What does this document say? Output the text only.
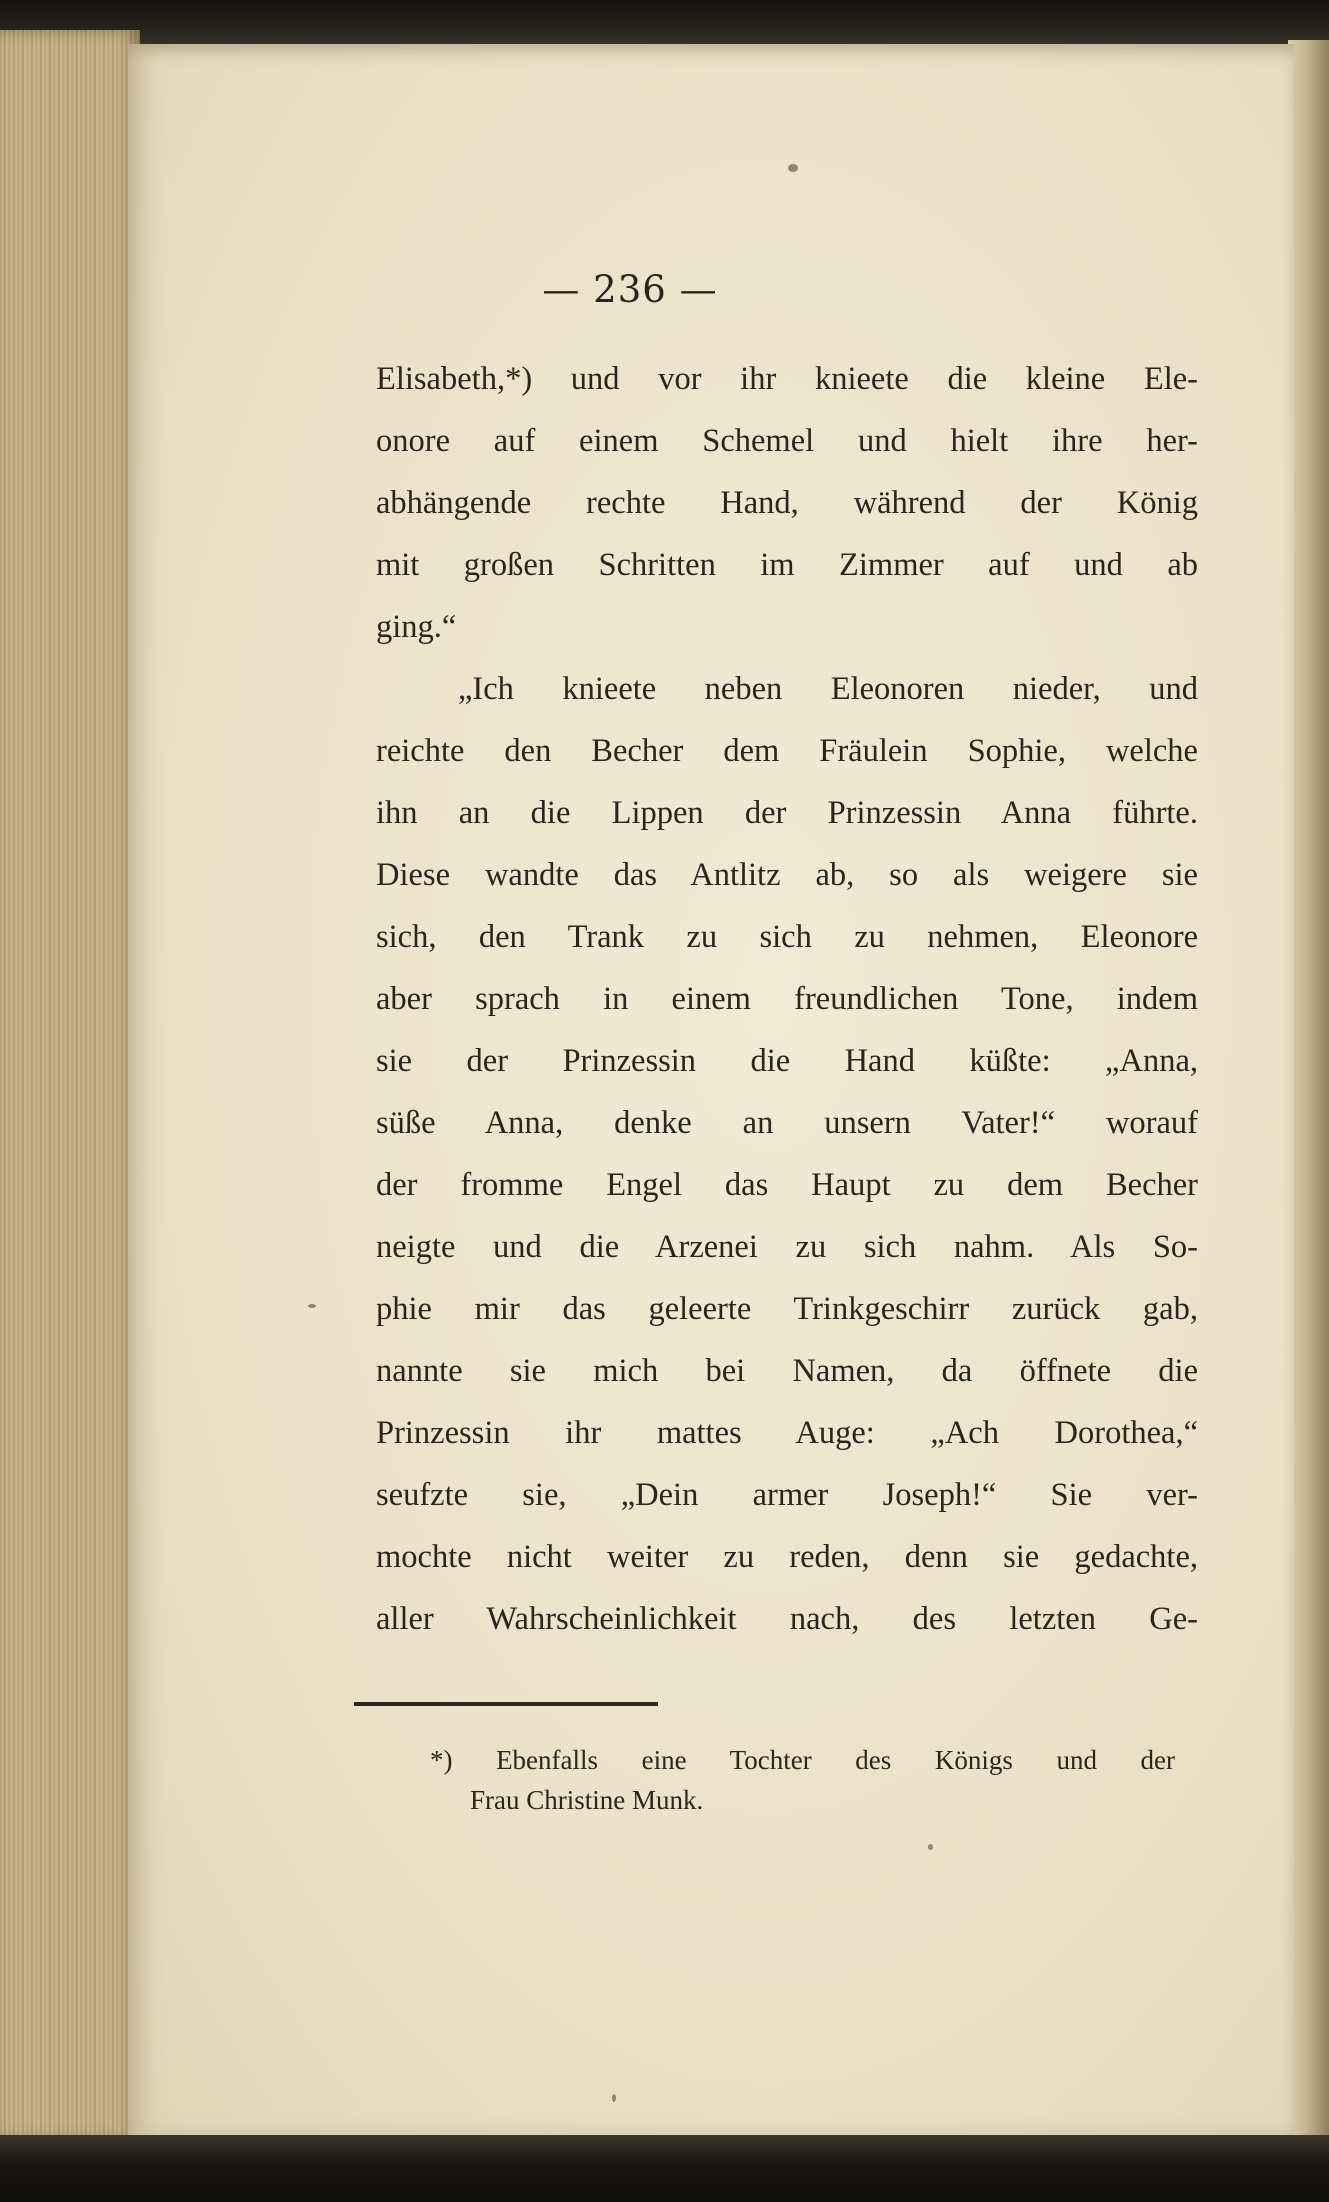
— 236 —
Elisabeth,*) und vor ihr knieete die kleine Ele-
onore auf einem Schemel und hielt ihre her-
abhängende rechte Hand, während der König
mit großen Schritten im Zimmer auf und ab
ging.“
„Ich knieete neben Eleonoren nieder, und
reichte den Becher dem Fräulein Sophie, welche
ihn an die Lippen der Prinzessin Anna führte.
Diese wandte das Antlitz ab, so als weigere sie
sich, den Trank zu sich zu nehmen, Eleonore
aber sprach in einem freundlichen Tone, indem
sie der Prinzessin die Hand küßte: „Anna,
süße Anna, denke an unsern Vater!“ worauf
der fromme Engel das Haupt zu dem Becher
neigte und die Arzenei zu sich nahm. Als So-
phie mir das geleerte Trinkgeschirr zurück gab,
nannte sie mich bei Namen, da öffnete die
Prinzessin ihr mattes Auge: „Ach Dorothea,“
seufzte sie, „Dein armer Joseph!“ Sie ver-
mochte nicht weiter zu reden, denn sie gedachte,
aller Wahrscheinlichkeit nach, des letzten Ge-
*) Ebenfalls eine Tochter des Königs und der
Frau Christine Munk.
